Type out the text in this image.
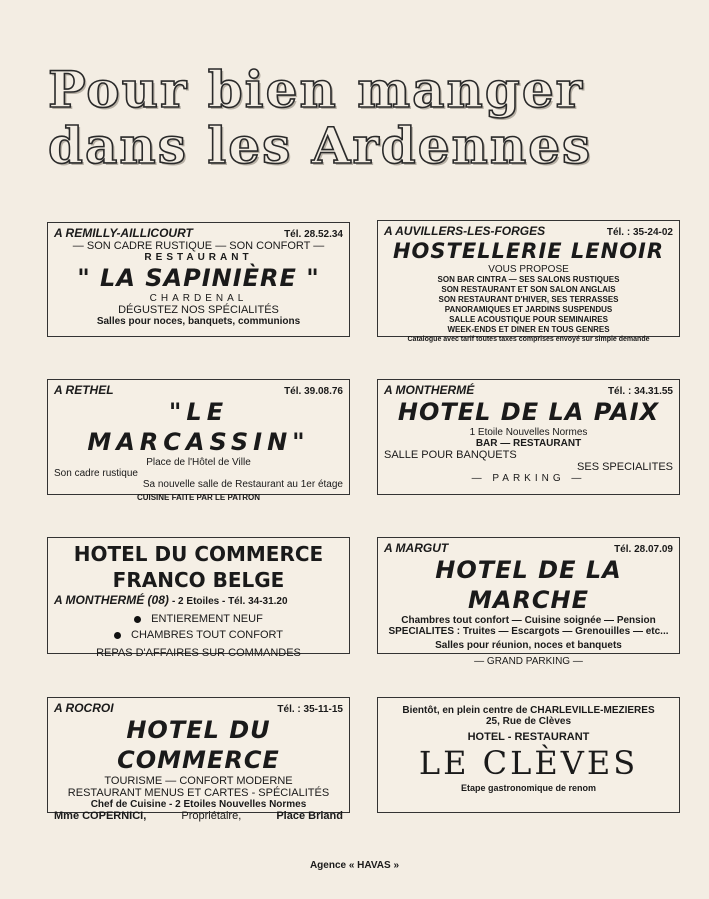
Pour bien manger
dans les Ardennes
A REMILLY-AILLICOURT	Tél. 28.52.34
— SON CADRE RUSTIQUE — SON CONFORT —
RESTAURANT
" LA SAPINIÈRE "
CHARDENAL
DÉGUSTEZ NOS SPÉCIALITÉS
Salles pour noces, banquets, communions
A AUVILLERS-LES-FORGES	Tél. : 35-24-02
HOSTELLERIE LENOIR
VOUS PROPOSE
SON BAR CINTRA — SES SALONS RUSTIQUES
SON RESTAURANT ET SON SALON ANGLAIS
SON RESTAURANT D'HIVER, SES TERRASSES
PANORAMIQUES ET JARDINS SUSPENDUS
SALLE ACOUSTIQUE POUR SEMINAIRES
WEEK-ENDS ET DINER EN TOUS GENRES
Catalogue avec tarif toutes taxes comprises envoyé sur simple demande
A RETHEL	Tél. 39.08.76
"LE MARCASSIN"
Place de l'Hôtel de Ville
Son cadre rustique
Sa nouvelle salle de Restaurant au 1er étage
CUISINE FAITE PAR LE PATRON
A MONTHERMÉ	Tél. : 34.31.55
HOTEL DE LA PAIX
1 Etoile Nouvelles Normes
BAR — RESTAURANT
SALLE POUR BANQUETS
SES SPECIALITES
— PARKING —
HOTEL DU COMMERCE FRANCO BELGE
A MONTHERMÉ (08) - 2 Etoiles - Tél. 34-31.20
ENTIEREMENT NEUF
CHAMBRES TOUT CONFORT
REPAS D'AFFAIRES SUR COMMANDES
A MARGUT	Tél. 28.07.09
HOTEL DE LA MARCHE
Chambres tout confort — Cuisine soignée — Pension
SPECIALITES : Truites — Escargots — Grenouilles — etc...
Salles pour réunion, noces et banquets
— GRAND PARKING —
A ROCROI	Tél. : 35-11-15
HOTEL DU COMMERCE
TOURISME — CONFORT MODERNE
RESTAURANT MENUS ET CARTES - SPÉCIALITÉS
Chef de Cuisine - 2 Etoiles Nouvelles Normes
Mme COPERNICI,	Propriétaire,	Place Briand
Bientôt, en plein centre de CHARLEVILLE-MEZIERES
25, Rue de Clèves
HOTEL - RESTAURANT
LE CLÈVES
Etape gastronomique de renom
Agence « HAVAS »
